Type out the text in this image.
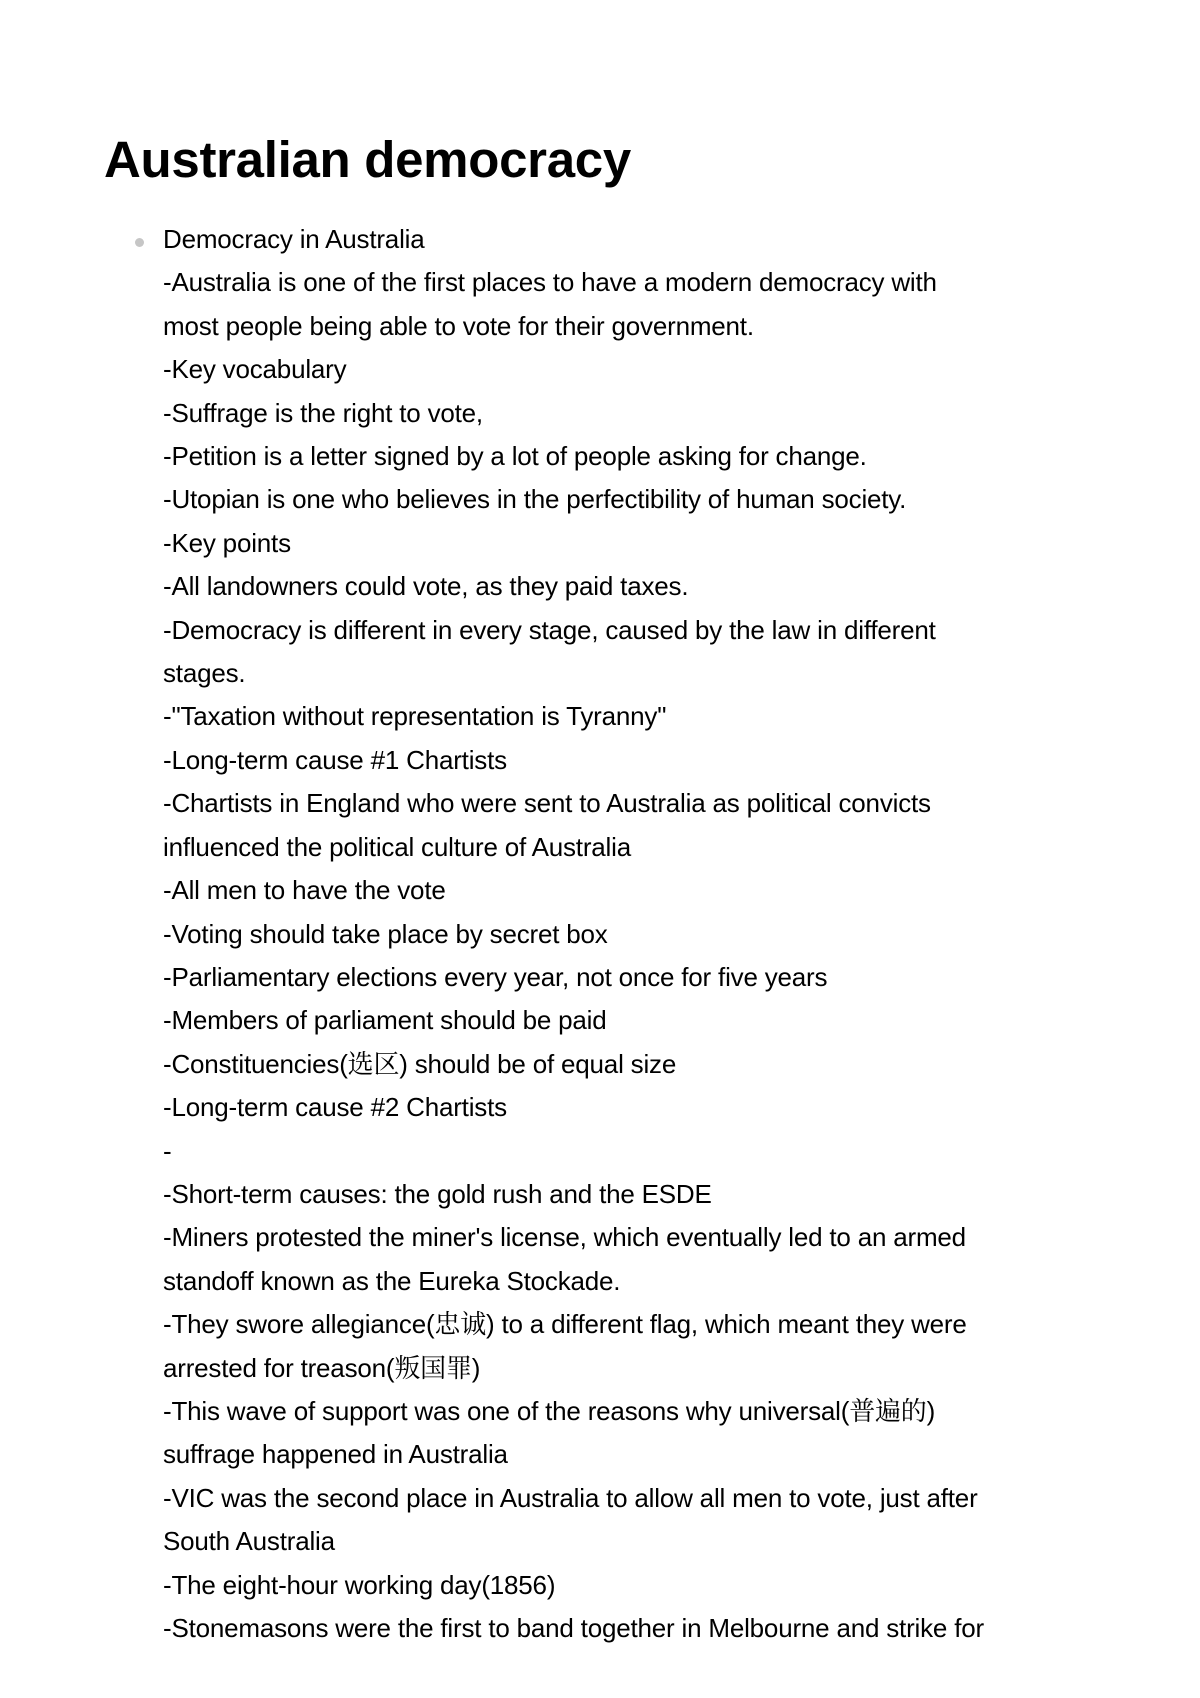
Australian democracy
Democracy in Australia
-Australia is one of the first places to have a modern democracy with
most people being able to vote for their government.
-Key vocabulary
-Suffrage is the right to vote,
-Petition is a letter signed by a lot of people asking for change.
-Utopian is one who believes in the perfectibility of human society.
-Key points
-All landowners could vote, as they paid taxes.
-Democracy is different in every stage, caused by the law in different
stages.
-"Taxation without representation is Tyranny"
-Long-term cause #1 Chartists
-Chartists in England who were sent to Australia as political convicts
influenced the political culture of Australia
-All men to have the vote
-Voting should take place by secret box
-Parliamentary elections every year, not once for five years
-Members of parliament should be paid
-Constituencies(选区) should be of equal size
-Long-term cause #2 Chartists
-
-Short-term causes: the gold rush and the ESDE
-Miners protested the miner's license, which eventually led to an armed
standoff known as the Eureka Stockade.
-They swore allegiance(忠诚) to a different flag, which meant they were
arrested for treason(叛国罪)
-This wave of support was one of the reasons why universal(普遍的)
suffrage happened in Australia
-VIC was the second place in Australia to allow all men to vote, just after
South Australia
-The eight-hour working day(1856)
-Stonemasons were the first to band together in Melbourne and strike for
